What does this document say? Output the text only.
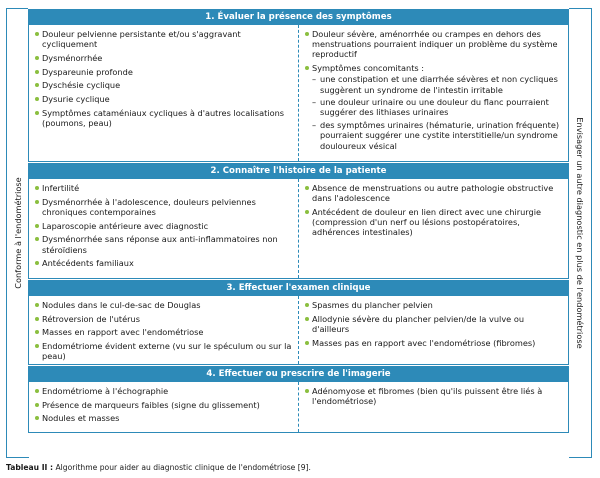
Conforme à l'endométriose
1. Évaluer la présence des symptômes
Douleur pelvienne persistante et/ou s'aggravant cycliquement
Dysménorrhée
Dyspareunie profonde
Dyschésie cyclique
Dysurie cyclique
Symptômes cataméniaux cycliques à d'autres localisations (poumons, peau)
Douleur sévère, aménorrhée ou crampes en dehors des menstruations pourraient indiquer un problème du système reproductif
Symptômes concomitants :
– une constipation et une diarrhée sévères et non cycliques suggèrent un syndrome de l'intestin irritable
– une douleur urinaire ou une douleur du flanc pourraient suggérer des lithiases urinaires
– des symptômes urinaires (hématurie, urination fréquente) pourraient suggérer une cystite interstitielle/un syndrome douloureux vésical
2. Connaître l'histoire de la patiente
Infertilité
Dysménorrhée à l'adolescence, douleurs pelviennes chroniques contemporaines
Laparoscopie antérieure avec diagnostic
Dysménorrhée sans réponse aux anti-inflammatoires non stéroïdiens
Antécédents familiaux
Absence de menstruations ou autre pathologie obstructive dans l'adolescence
Antécédent de douleur en lien direct avec une chirurgie (compression d'un nerf ou lésions postopératoires, adhérences intestinales)
3. Effectuer l'examen clinique
Nodules dans le cul-de-sac de Douglas
Rétroversion de l'utérus
Masses en rapport avec l'endométriose
Endométriome évident externe (vu sur le spéculum ou sur la peau)
Spasmes du plancher pelvien
Allodynie sévère du plancher pelvien/de la vulve ou d'ailleurs
Masses pas en rapport avec l'endométriose (fibromes)
4. Effectuer ou prescrire de l'imagerie
Endométriome à l'échographie
Présence de marqueurs faibles (signe du glissement)
Nodules et masses
Adénomyose et fibromes (bien qu'ils puissent être liés à l'endométriose)
Envisager un autre diagnostic en plus de l'endométriose
Tableau II : Algorithme pour aider au diagnostic clinique de l'endométriose [9].
